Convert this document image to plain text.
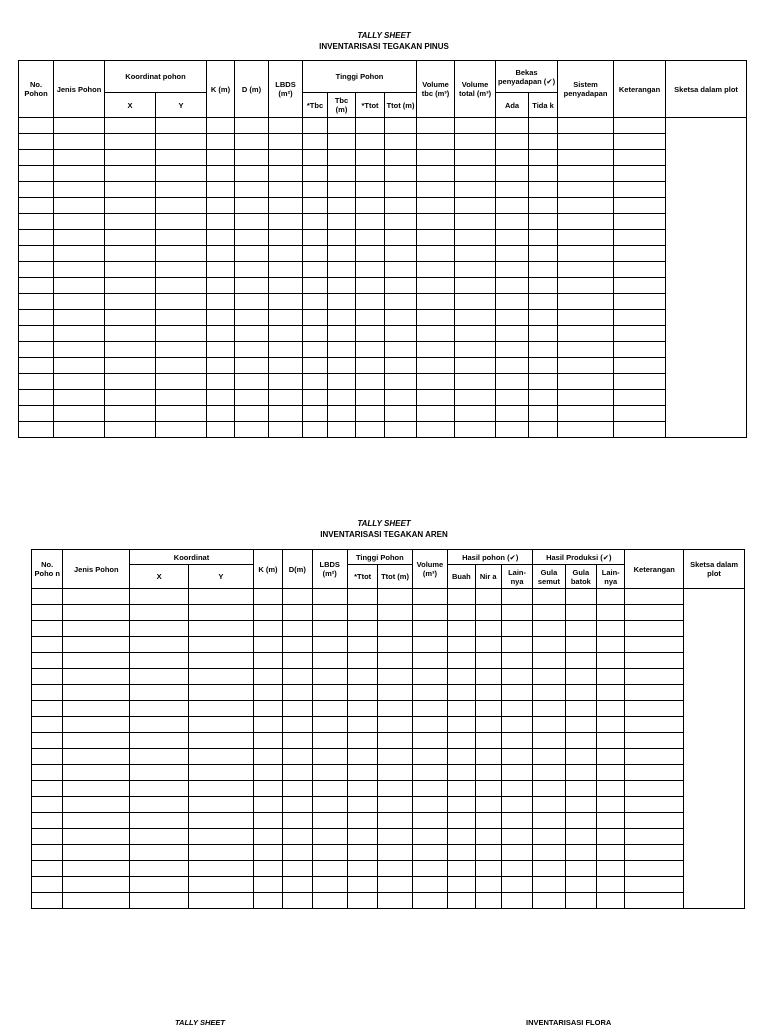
TALLY SHEET
INVENTARISASI TEGAKAN PINUS
No. Pohon	Jenis Pohon	Koordinat pohon		K (m)	D (m)	LBDS (m²)	Tinggi Pohon				Volume tbc (m³)	Volume total (m³)	Bekas penyadapan (✔)		Sistem penyadapan	Keterangan	Sketsa dalam plot
		X	Y				*Tbc	Tbc (m)	*Ttot	Ttot (m)			Ada	Tida k			

TALLY SHEET
INVENTARISASI TEGAKAN AREN
No. Poho n	Jenis Pohon	Koordinat		K (m)	D(m)	LBDS (m²)	Tinggi Pohon		Volume (m³)	Hasil pohon (✔)			Hasil Produksi (✔)			Keterangan	Sketsa dalam plot
		X	Y				*Ttot	Ttot (m)		Buah	Nir a	Lain- nya	Gula semut	Gula batok	Lain- nya		

TALLY SHEET	INVENTARISASI FLORA
